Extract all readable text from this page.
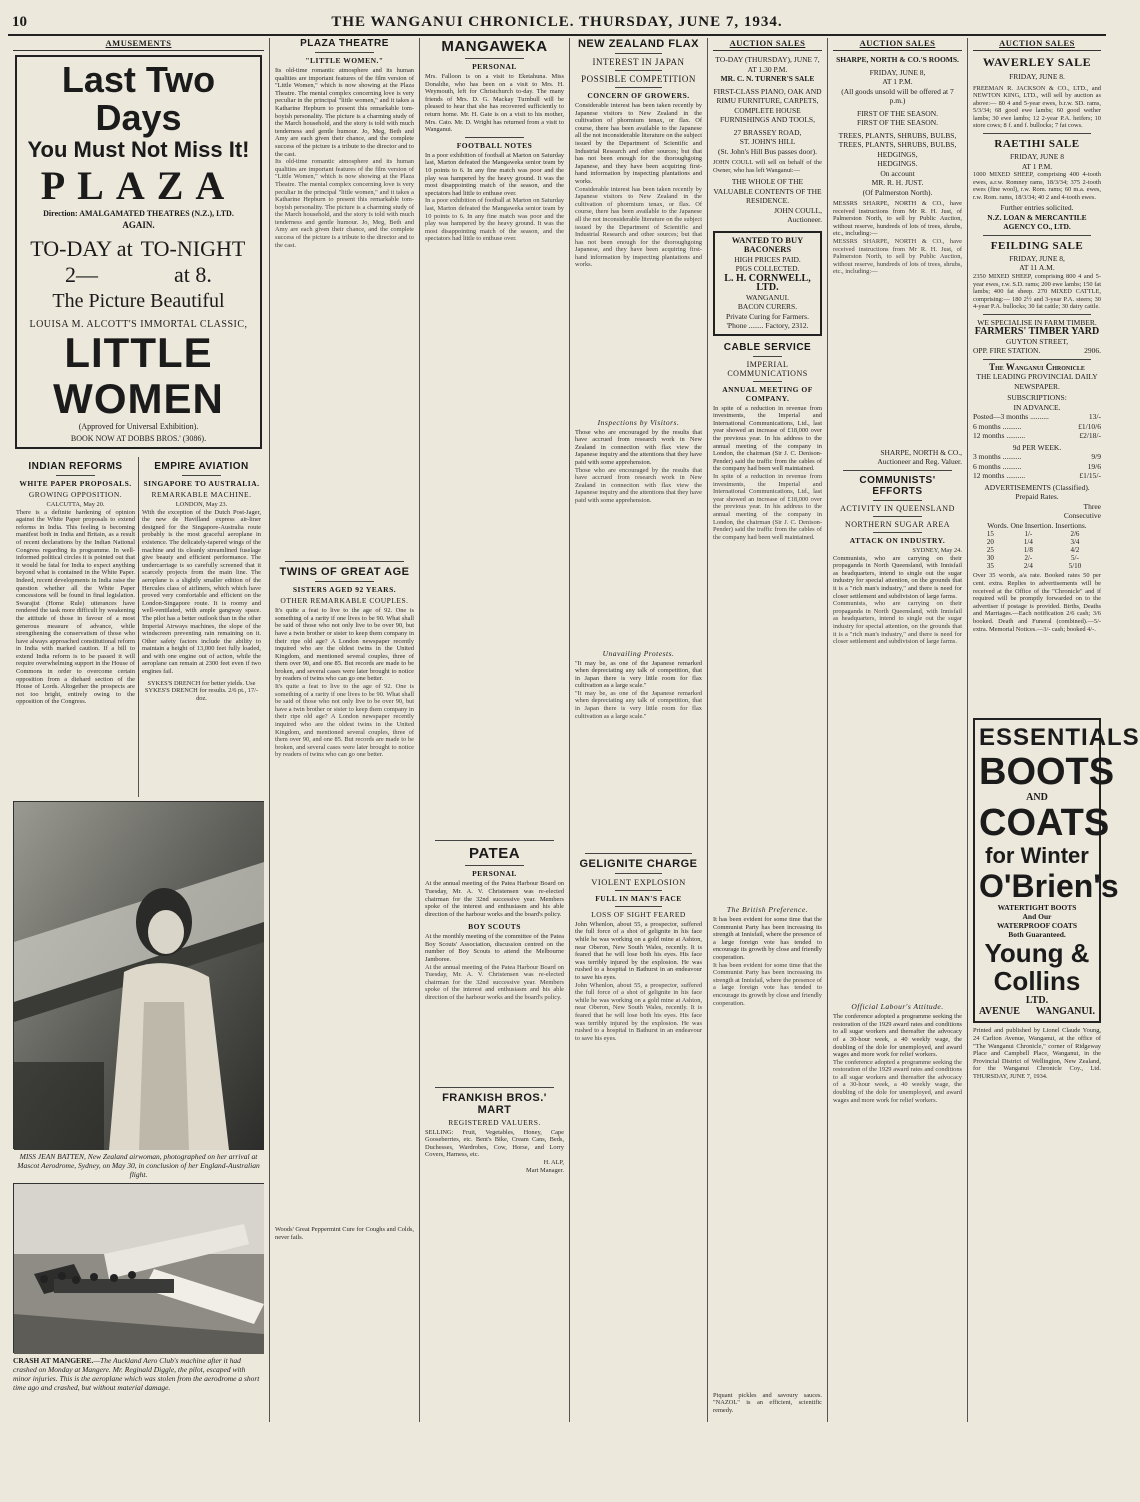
10	THE WANGANUI CHRONICLE. THURSDAY, JUNE 7, 1934.
AMUSEMENTS
Last Two Days
You Must Not Miss It!
PLAZA
Direction: AMALGAMATED THEATRES (N.Z.), LTD.
AGAIN.
TO-DAY at 2—
TO-NIGHT at 8.
The Picture Beautiful
LOUISA M. ALCOTT'S IMMORTAL CLASSIC,
LITTLE WOMEN
(Approved for Universal Exhibition).
BOOK NOW AT DOBBS BROS.' (3086).
INDIAN REFORMS
WHITE PAPER PROPOSALS.
GROWING OPPOSITION.
CALCUTTA, May 20.
There is a definite hardening of opinion against the White Paper proposals to extend reforms in India. This feeling is becoming manifest both in India and Britain, as a result of recent declarations by the Indian National Congress regarding its programme. In well-informed political circles it is pointed out that it would be fatal for India to expect anything beyond what is contained in the White Paper. Indeed, recent developments in India raise the question whether all the White Paper concessions will be found in final legislation. Swarajist (Home Rule) utterances have rendered the task more difficult by weakening the attitude of those in favour of a most generous measure of advance, while strengthening the conservatism of those who have always approached constitutional reform in India with marked caution. If a bill to extend India reform is to be passed it will require overwhelming support in the House of Commons in order to overcome certain opposition from a diehard section of the House of Lords. Altogether the prospects are not too bright, entirely owing to the opposition of the Congress.
EMPIRE AVIATION
SINGAPORE TO AUSTRALIA.
REMARKABLE MACHINE.
LONDON, May 23.
With the exception of the Dutch Post-Jager, the new de Havilland express air-liner designed for the Singapore-Australia route probably is the most graceful aeroplane in existence. The delicately-tapered wings of the machine and its cleanly streamlined fuselage give beauty and efficient performance. The undercarriage is so carefully screened that it scarcely projects from the main line. The aeroplane is a slightly smaller edition of the Hercules class of airliners, which which have proved very comfortable and efficient on the London-Singapore route. It is roomy and well-ventilated, with ample gangway space. The pilot has a better outlook than in the other Imperial Airways machines, the slope of the windscreen preventing rain remaining on it. Other safety factors include the ability to maintain a height of 13,000 feet fully loaded, and with one engine out of action, while the aeroplane can remain at 2300 feet even if two engines fail.
SYKES'S DRENCH for better yields. Use SYKES'S DRENCH for results. 2/6 pt., 17/- doz.
MISS JEAN BATTEN, New Zealand airwoman, photographed on her arrival at Mascot Aerodrome, Sydney, on May 30, in conclusion of her England-Australian flight.
CRASH AT MANGERE.—The Auckland Aero Club's machine after it had crashed on Monday at Mangere. Mr. Reginald Diggle, the pilot, escaped with minor injuries. This is the aeroplane which was stolen from the aerodrome a short time ago and crashed, but without material damage.
PLAZA THEATRE
"LITTLE WOMEN."
Its old-time romantic atmosphere and its human qualities are important features of the film version of "Little Women," which is now showing at the Plaza Theatre. The mental complex concerning love is very peculiar in the principal "little women," and it takes a Katharine Hepburn to present this remarkable tom-boyish personality. The picture is a charming study of the March household, and the story is told with much tenderness and gentle humour. Jo, Meg, Beth and Amy are each given their chance, and the complete success of the picture is a tribute to the director and to the cast.
Its old-time romantic atmosphere and its human qualities are important features of the film version of "Little Women," which is now showing at the Plaza Theatre. The mental complex concerning love is very peculiar in the principal "little women," and it takes a Katharine Hepburn to present this remarkable tom-boyish personality. The picture is a charming study of the March household, and the story is told with much tenderness and gentle humour. Jo, Meg, Beth and Amy are each given their chance, and the complete success of the picture is a tribute to the director and to the cast.
TWINS OF GREAT AGE
SISTERS AGED 92 YEARS.
OTHER REMARKABLE COUPLES.
It's quite a feat to live to the age of 92. One is something of a rarity if one lives to be 90. What shall be said of those who not only live to be over 90, but have a twin brother or sister to keep them company in their ripe old age? A London newspaper recently inquired who are the oldest twins in the United Kingdom, and mentioned several couples, three of them over 90, and one 85. But records are made to be broken, and several cases were later brought to notice by readers of twins who can go one better.
It's quite a feat to live to the age of 92. One is something of a rarity if one lives to be 90. What shall be said of those who not only live to be over 90, but have a twin brother or sister to keep them company in their ripe old age? A London newspaper recently inquired who are the oldest twins in the United Kingdom, and mentioned several couples, three of them over 90, and one 85. But records are made to be broken, and several cases were later brought to notice by readers of twins who can go one better.
Woods' Great Peppermint Cure for Coughs and Colds, never fails.
MANGAWEKA
PERSONAL
Mrs. Falloon is on a visit to Eketahuna. Miss Donaldie, who has been on a visit to Mrs. H. Weymouth, left for Christchurch to-day. The many friends of Mrs. D. G. Mackay Turnbull will be pleased to hear that she has recovered sufficiently to return home. Mr. H. Gate is on a visit to his mother, Mrs. Cato. Mr. D. Wright has returned from a visit to Wanganui.
FOOTBALL NOTES
In a poor exhibition of football at Marton on Saturday last, Marton defeated the Mangaweka senior team by 10 points to 6. In any fine match was poor and the play was hampered by the heavy ground. It was the most disappointing match of the season, and the spectators had little to enthuse over.
In a poor exhibition of football at Marton on Saturday last, Marton defeated the Mangaweka senior team by 10 points to 6. In any fine match was poor and the play was hampered by the heavy ground. It was the most disappointing match of the season, and the spectators had little to enthuse over.
PATEA
PERSONAL
At the annual meeting of the Patea Harbour Board on Tuesday, Mr. A. V. Christensen was re-elected chairman for the 32nd successive year. Members spoke of the interest and enthusiasm and his able direction of the harbour works and the board's policy.
BOY SCOUTS
At the monthly meeting of the committee of the Patea Boy Scouts' Association, discussion centred on the number of Boy Scouts to attend the Melbourne Jamboree.
At the annual meeting of the Patea Harbour Board on Tuesday, Mr. A. V. Christensen was re-elected chairman for the 32nd successive year. Members spoke of the interest and enthusiasm and his able direction of the harbour works and the board's policy.
FRANKISH BROS.' MART
REGISTERED VALUERS.
SELLING: Fruit, Vegetables, Honey, Cape Gooseberries, etc. Bent's Bike, Cream Cans, Beds, Duchesses, Wardrobes, Cow, Horse, and Lorry Covers, Harness, etc.
H. ALP,
Mart Manager.
NEW ZEALAND FLAX
INTEREST IN JAPAN
POSSIBLE COMPETITION
CONCERN OF GROWERS.
Considerable interest has been taken recently by Japanese visitors to New Zealand in the cultivation of phormium tenax, or flax. Of course, there has been available to the Japanese all the not inconsiderable literature on the subject issued by the Department of Scientific and Industrial Research and other sources; but that has not been enough for the thoroughgoing Japanese, and they have been acquiring first-hand information by inspecting plantations and works.
Considerable interest has been taken recently by Japanese visitors to New Zealand in the cultivation of phormium tenax, or flax. Of course, there has been available to the Japanese all the not inconsiderable literature on the subject issued by the Department of Scientific and Industrial Research and other sources; but that has not been enough for the thoroughgoing Japanese, and they have been acquiring first-hand information by inspecting plantations and works.
Inspections by Visitors.
Those who are encouraged by the results that have accrued from research work in New Zealand in connection with flax view the Japanese inquiry and the attentions that they have paid with some apprehension.
Those who are encouraged by the results that have accrued from research work in New Zealand in connection with flax view the Japanese inquiry and the attentions that they have paid with some apprehension.
Unavailing Protests.
"It may be, as one of the Japanese remarked when depreciating any talk of competition, that in Japan there is very little room for flax cultivation as a large scale."
"It may be, as one of the Japanese remarked when depreciating any talk of competition, that in Japan there is very little room for flax cultivation as a large scale."
GELIGNITE CHARGE
VIOLENT EXPLOSION
FULL IN MAN'S FACE
LOSS OF SIGHT FEARED
John Whenlon, about 55, a prospector, suffered the full force of a shot of gelignite in his face while he was working on a gold mine at Ashton, near Oberon, New South Wales, recently. It is feared that he will lose both his eyes. His face was terribly injured by the explosion. He was rushed to a hospital in Bathurst in an endeavour to save his eyes.
John Whenlon, about 55, a prospector, suffered the full force of a shot of gelignite in his face while he was working on a gold mine at Ashton, near Oberon, New South Wales, recently. It is feared that he will lose both his eyes. His face was terribly injured by the explosion. He was rushed to a hospital in Bathurst in an endeavour to save his eyes.
AUCTION SALES
TO-DAY (THURSDAY), JUNE 7,
AT 1.30 P.M.
MR. C. N. TURNER'S SALE
FIRST-CLASS PIANO, OAK AND RIMU FURNITURE, CARPETS, COMPLETE HOUSE FURNISHINGS AND TOOLS,
27 BRASSEY ROAD,
ST. JOHN'S HILL
(St. John's Hill Bus passes door).
JOHN COULL will sell on behalf of the Owner, who has left Wanganui:—
THE WHOLE OF THE VALUABLE CONTENTS OF THE RESIDENCE.
JOHN COULL,
Auctioneer.
WANTED TO BUY BACONERS
HIGH PRICES PAID.
PIGS COLLECTED.
L. H. CORNWELL, LTD.
WANGANUI.
BACON CURERS.
Private Curing for Farmers.
'Phone ........ Factory, 2312.
CABLE SERVICE
IMPERIAL COMMUNICATIONS
ANNUAL MEETING OF COMPANY.
In spite of a reduction in revenue from investments, the Imperial and International Communications, Ltd., last year showed an increase of £18,000 over the previous year. In his address to the annual meeting of the company in London, the chairman (Sir J. C. Denison-Pender) said the traffic from the cables of the company had been well maintained.
In spite of a reduction in revenue from investments, the Imperial and International Communications, Ltd., last year showed an increase of £18,000 over the previous year. In his address to the annual meeting of the company in London, the chairman (Sir J. C. Denison-Pender) said the traffic from the cables of the company had been well maintained.
The British Preference.
It has been evident for some time that the Communist Party has been increasing its strength at Innisfail, where the presence of a large foreign vote has tended to encourage its growth by close and friendly cooperation.
It has been evident for some time that the Communist Party has been increasing its strength at Innisfail, where the presence of a large foreign vote has tended to encourage its growth by close and friendly cooperation.
Piquant pickles and savoury sauces. "NAZOL" is an efficient, scientific remedy.
AUCTION SALES
SHARPE, NORTH & CO.'S ROOMS.
FRIDAY, JUNE 8,
AT 1 P.M.
(All goods unsold will be offered at 7 p.m.)
FIRST OF THE SEASON.
FIRST OF THE SEASON.
TREES, PLANTS, SHRUBS, BULBS, TREES, PLANTS, SHRUBS, BULBS, HEDGINGS,
HEDGINGS.
On account
MR. R. H. JUST.
(Of Palmerston North).
MESSRS SHARPE, NORTH & CO., have received instructions from Mr R. H. Just, of Palmerston North, to sell by Public Auction, without reserve, hundreds of lots of trees, shrubs, etc., including:—
MESSRS SHARPE, NORTH & CO., have received instructions from Mr R. H. Just, of Palmerston North, to sell by Public Auction, without reserve, hundreds of lots of trees, shrubs, etc., including:—
SHARPE, NORTH & CO.,
Auctioneer and Reg. Valuer.
COMMUNISTS' EFFORTS
ACTIVITY IN QUEENSLAND
NORTHERN SUGAR AREA
ATTACK ON INDUSTRY.
SYDNEY, May 24.
Communists, who are carrying on their propaganda in North Queensland, with Innisfail as headquarters, intend to single out the sugar industry for special attention, on the grounds that it is a "rich man's industry," and there is need for closer settlement and subdivision of large farms.
Communists, who are carrying on their propaganda in North Queensland, with Innisfail as headquarters, intend to single out the sugar industry for special attention, on the grounds that it is a "rich man's industry," and there is need for closer settlement and subdivision of large farms.
Official Labour's Attitude.
The conference adopted a programme seeking the restoration of the 1929 award rates and conditions to all sugar workers and thereafter the advocacy of a 30-hour week, a 40 weekly wage, the doubling of the dole for unemployed, and award wages and more work for relief workers.
The conference adopted a programme seeking the restoration of the 1929 award rates and conditions to all sugar workers and thereafter the advocacy of a 30-hour week, a 40 weekly wage, the doubling of the dole for unemployed, and award wages and more work for relief workers.
AUCTION SALES
WAVERLEY SALE
FRIDAY, JUNE 8.
FREEMAN R. JACKSON & CO., LTD., and NEWTON KING, LTD., will sell by auction as above:— 80 4 and 5-year ewes, b.r.w. SD. rams, 5/3/34; 68 good ewe lambs; 60 good wether lambs; 30 ewe lambs; 12 2-year P.A. heifers; 10 store cows; 8 f. and f. bullocks; 7 fat cows.
RAETIHI SALE
FRIDAY, JUNE 8
AT 1 P.M.
1000 MIXED SHEEP, comprising 400 4-tooth ewes, a.r.w. Romney rams, 18/3/34; 375 2-tooth ewes (fine wool), r.w. Rom. rams; 60 m.a. ewes, r.w. Rom. rams, 18/3/34; 40 2 and 4-tooth ewes.
Further entries solicited.
N.Z. LOAN & MERCANTILE AGENCY CO., LTD.
FEILDING SALE
FRIDAY, JUNE 8,
AT 11 A.M.
2350 MIXED SHEEP, comprising 800 4 and 5-year ewes, r.w. S.D. rams; 200 ewe lambs; 150 fat lambs; 400 fat sheep. 270 MIXED CATTLE, comprising:— 180 2½ and 3-year P.A. steers; 30 4-year P.A. bullocks; 30 fat cattle; 30 dairy cattle.
WE SPECIALISE IN FARM TIMBER.
FARMERS' TIMBER YARD
GUYTON STREET,
OPP. FIRE STATION.	2906.
The Wanganui Chronicle
THE LEADING PROVINCIAL DAILY NEWSPAPER.
SUBSCRIPTIONS:
IN ADVANCE.
Posted—3 months ..........	13/-
6 months ..........	£1/10/6
12 months ..........	£2/18/-
9d PER WEEK.
3 months ..........	9/9
6 months ..........	19/6
12 months ..........	£1/15/-
ADVERTISEMENTS (Classified). Prepaid Rates.
Three
Consecutive
Words. One Insertion. Insertions.
15	1/-	2/6
20	1/4	3/4
25	1/8	4/2
30	2/-	5/-
35	2/4	5/10
Over 35 words, a/a rate. Booked rates 50 per cent. extra. Replies to advertisements will be received at the Office of the "Chronicle" and if required will be promptly forwarded on to the advertiser if postage is provided. Births, Deaths and Marriages.—Each notification 2/6 cash; 3/6 booked. Death and Funeral (combined).—5/- extra. Memorial Notices.—3/- cash; booked 4/-.
ESSENTIALS
BOOTS
AND
COATS
for Winter
O'Brien's
WATERTIGHT BOOTS
And Our
WATERPROOF COATS
Both Guaranteed.
Young & Collins
LTD.
AVENUE WANGANUI.
Printed and published by Lionel Claude Young, 24 Carlton Avenue, Wanganui, at the office of "The Wanganui Chronicle," corner of Ridgeway Place and Campbell Place, Wanganui, in the Provincial District of Wellington, New Zealand, for the Wanganui Chronicle Coy., Ltd. THURSDAY, JUNE 7, 1934.
